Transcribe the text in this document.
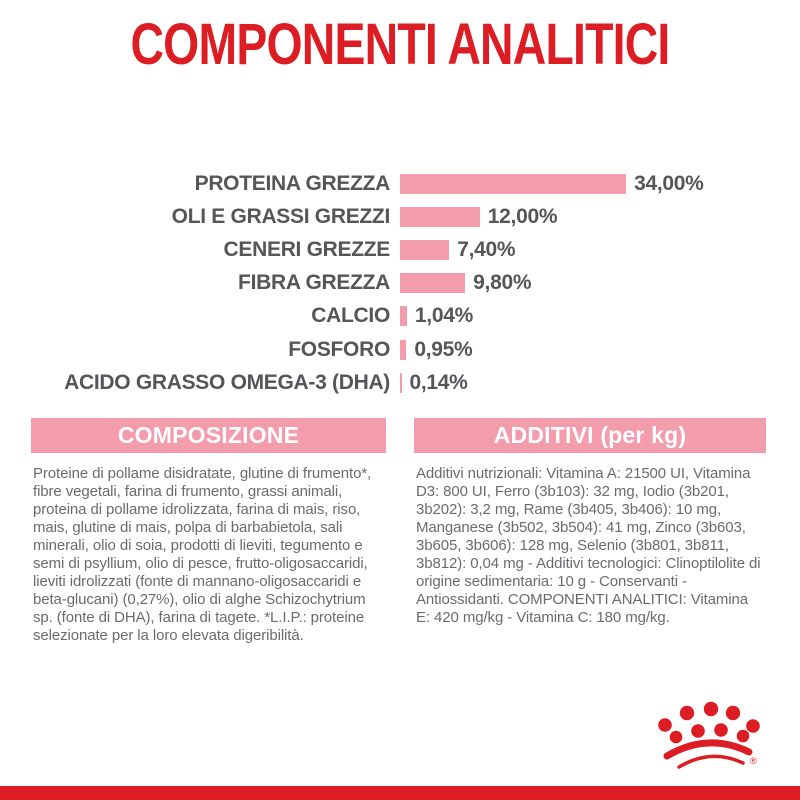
COMPONENTI ANALITICI
PROTEINA GREZZA	34,00%
OLI E GRASSI GREZZI	12,00%
CENERI GREZZE	7,40%
FIBRA GREZZA	9,80%
CALCIO 1,04%
FOSFORO 0,95%
ACIDO GRASSO OMEGA-3 (DHA) 0,14%
COMPOSIZIONE

Proteine di pollame disidratate, glutine di frumento*, fibre vegetali, farina di frumento, grassi animali, proteina di pollame idrolizzata, farina di mais, riso, mais, glutine di mais, polpa di barbabietola, sali minerali, olio di soia, prodotti di lieviti, tegumento e semi di psyllium, olio di pesce, frutto-oligosaccaridi, lieviti idrolizzati (fonte di mannano-oligosaccaridi e beta-glucani) (0,27%), olio di alghe Schizochytrium sp. (fonte di DHA), farina di tagete. *L.I.P.: proteine selezionate per la loro elevata digeribilità.

ADDITIVI (per kg)

Additivi nutrizionali: Vitamina A: 21500 UI, Vitamina D3: 800 UI, Ferro (3b103): 32 mg, Iodio (3b201, 3b202): 3,2 mg, Rame (3b405, 3b406): 10 mg, Manganese (3b502, 3b504): 41 mg, Zinco (3b603, 3b605, 3b606): 128 mg, Selenio (3b801, 3b811, 3b812): 0,04 mg - Additivi tecnologici: Clinoptilolite di origine sedimentaria: 10 g - Conservanti - Antiossidanti. COMPONENTI ANALITICI: Vitamina E: 420 mg/kg - Vitamina C: 180 mg/kg.

®
